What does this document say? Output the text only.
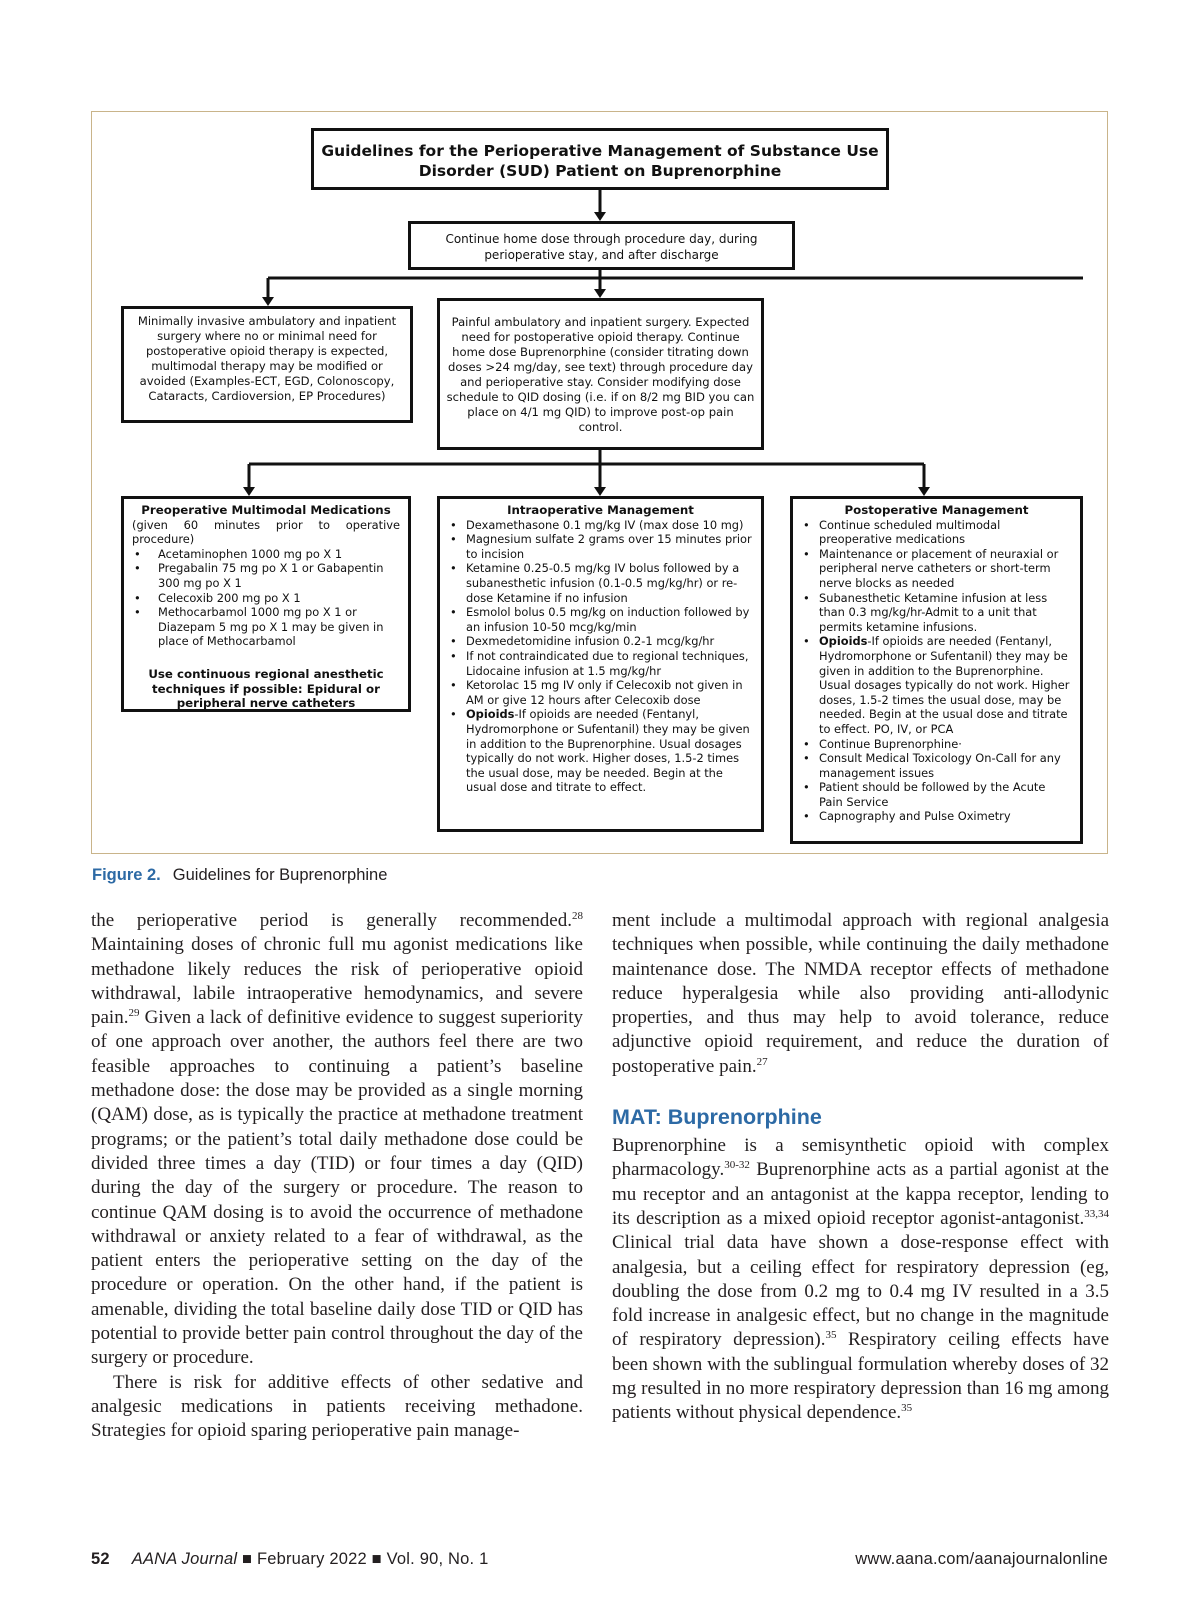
Guidelines for the Perioperative Management of Substance Use Disorder (SUD) Patient on Buprenorphine
Continue home dose through procedure day, during perioperative stay, and after discharge
Minimally invasive ambulatory and inpatient surgery where no or minimal need for postoperative opioid therapy is expected, multimodal therapy may be modified or avoided (Examples-ECT, EGD, Colonoscopy, Cataracts, Cardioversion, EP Procedures)
Painful ambulatory and inpatient surgery. Expected need for postoperative opioid therapy. Continue home dose Buprenorphine (consider titrating down doses >24 mg/day, see text) through procedure day and perioperative stay. Consider modifying dose schedule to QID dosing (i.e. if on 8/2 mg BID you can place on 4/1 mg QID) to improve post-op pain control.
Preoperative Multimodal Medications
(given 60 minutes prior to operative procedure)
• Acetaminophen 1000 mg po X 1
• Pregabalin 75 mg po X 1 or Gabapentin 300 mg po X 1
• Celecoxib 200 mg po X 1
• Methocarbamol 1000 mg po X 1 or Diazepam 5 mg po X 1 may be given in place of Methocarbamol
Use continuous regional anesthetic techniques if possible: Epidural or peripheral nerve catheters
Intraoperative Management
• Dexamethasone 0.1 mg/kg IV (max dose 10 mg)
• Magnesium sulfate 2 grams over 15 minutes prior to incision
• Ketamine 0.25-0.5 mg/kg IV bolus followed by a subanesthetic infusion (0.1-0.5 mg/kg/hr) or re-dose Ketamine if no infusion
• Esmolol bolus 0.5 mg/kg on induction followed by an infusion 10-50 mcg/kg/min
• Dexmedetomidine infusion 0.2-1 mcg/kg/hr
• If not contraindicated due to regional techniques, Lidocaine infusion at 1.5 mg/kg/hr
• Ketorolac 15 mg IV only if Celecoxib not given in AM or give 12 hours after Celecoxib dose
• Opioids-If opioids are needed (Fentanyl, Hydromorphone or Sufentanil) they may be given in addition to the Buprenorphine. Usual dosages typically do not work. Higher doses, 1.5-2 times the usual dose, may be needed. Begin at the usual dose and titrate to effect.
Postoperative Management
• Continue scheduled multimodal preoperative medications
• Maintenance or placement of neuraxial or peripheral nerve catheters or short-term nerve blocks as needed
• Subanesthetic Ketamine infusion at less than 0.3 mg/kg/hr-Admit to a unit that permits ketamine infusions.
• Opioids-If opioids are needed (Fentanyl, Hydromorphone or Sufentanil) they may be given in addition to the Buprenorphine. Usual dosages typically do not work. Higher doses, 1.5-2 times the usual dose, may be needed. Begin at the usual dose and titrate to effect. PO, IV, or PCA
• Continue Buprenorphine·
• Consult Medical Toxicology On-Call for any management issues
• Patient should be followed by the Acute Pain Service
• Capnography and Pulse Oximetry
Figure 2. Guidelines for Buprenorphine

the perioperative period is generally recommended.$^{28}$ Maintaining doses of chronic full mu agonist medications like methadone likely reduces the risk of perioperative opioid withdrawal, labile intraoperative hemodynamics, and severe pain.$^{29}$ Given a lack of definitive evidence to suggest superiority of one approach over another, the authors feel there are two feasible approaches to continuing a patient’s baseline methadone dose: the dose may be provided as a single morning (QAM) dose, as is typically the practice at methadone treatment programs; or the patient’s total daily methadone dose could be divided three times a day (TID) or four times a day (QID) during the day of the surgery or procedure. The reason to continue QAM dosing is to avoid the occurrence of methadone withdrawal or anxiety related to a fear of withdrawal, as the patient enters the perioperative setting on the day of the procedure or operation. On the other hand, if the patient is amenable, dividing the total baseline daily dose TID or QID has potential to provide better pain control throughout the day of the surgery or procedure.

There is risk for additive effects of other sedative and analgesic medications in patients receiving methadone. Strategies for opioid sparing perioperative pain manage-

ment include a multimodal approach with regional analgesia techniques when possible, while continuing the daily methadone maintenance dose. The NMDA receptor effects of methadone reduce hyperalgesia while also providing anti-allodynic properties, and thus may help to avoid tolerance, reduce adjunctive opioid requirement, and reduce the duration of postoperative pain.$^{27}$

MAT: Buprenorphine

Buprenorphine is a semisynthetic opioid with complex pharmacology.$^{30-32}$ Buprenorphine acts as a partial agonist at the mu receptor and an antagonist at the kappa receptor, lending to its description as a mixed opioid receptor agonist-antagonist.$^{33,34}$ Clinical trial data have shown a dose-response effect with analgesia, but a ceiling effect for respiratory depression (eg, doubling the dose from 0.2 mg to 0.4 mg IV resulted in a 3.5 fold increase in analgesic effect, but no change in the magnitude of respiratory depression).$^{35}$ Respiratory ceiling effects have been shown with the sublingual formulation whereby doses of 32 mg resulted in no more respiratory depression than 16 mg among patients without physical dependence.$^{35}$

52 AANA Journal ■ February 2022 ■ Vol. 90, No. 1	www.aana.com/aanajournalonline
